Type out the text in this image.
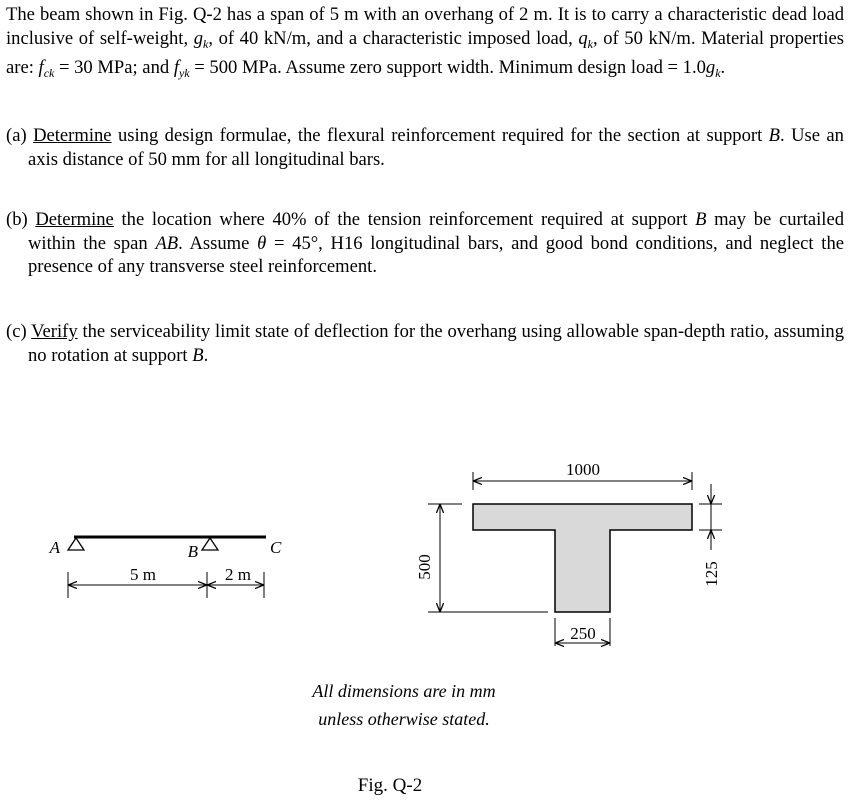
The beam shown in Fig. Q-2 has a span of 5 m with an overhang of 2 m. It is to carry a characteristic dead load inclusive of self-weight, $g_k$, of 40 kN/m, and a characteristic imposed load, $q_k$, of 50 kN/m. Material properties are: $f_{ck} = 30$ MPa; and $f_{yk} = 500$ MPa. Assume zero support width. Minimum design load = $1.0g_k$.

(a) Determine using design formulae, the flexural reinforcement required for the section at support B. Use an axis distance of 50 mm for all longitudinal bars.

(b) Determine the location where 40% of the tension reinforcement required at support B may be curtailed within the span AB. Assume θ = 45°, H16 longitudinal bars, and good bond conditions, and neglect the presence of any transverse steel reinforcement.

(c) Verify the serviceability limit state of deflection for the overhang using allowable span-depth ratio, assuming no rotation at support B.

A	B	C
5 m	2 m
1000
500
250
125
All dimensions are in mm
unless otherwise stated.
Fig. Q-2
